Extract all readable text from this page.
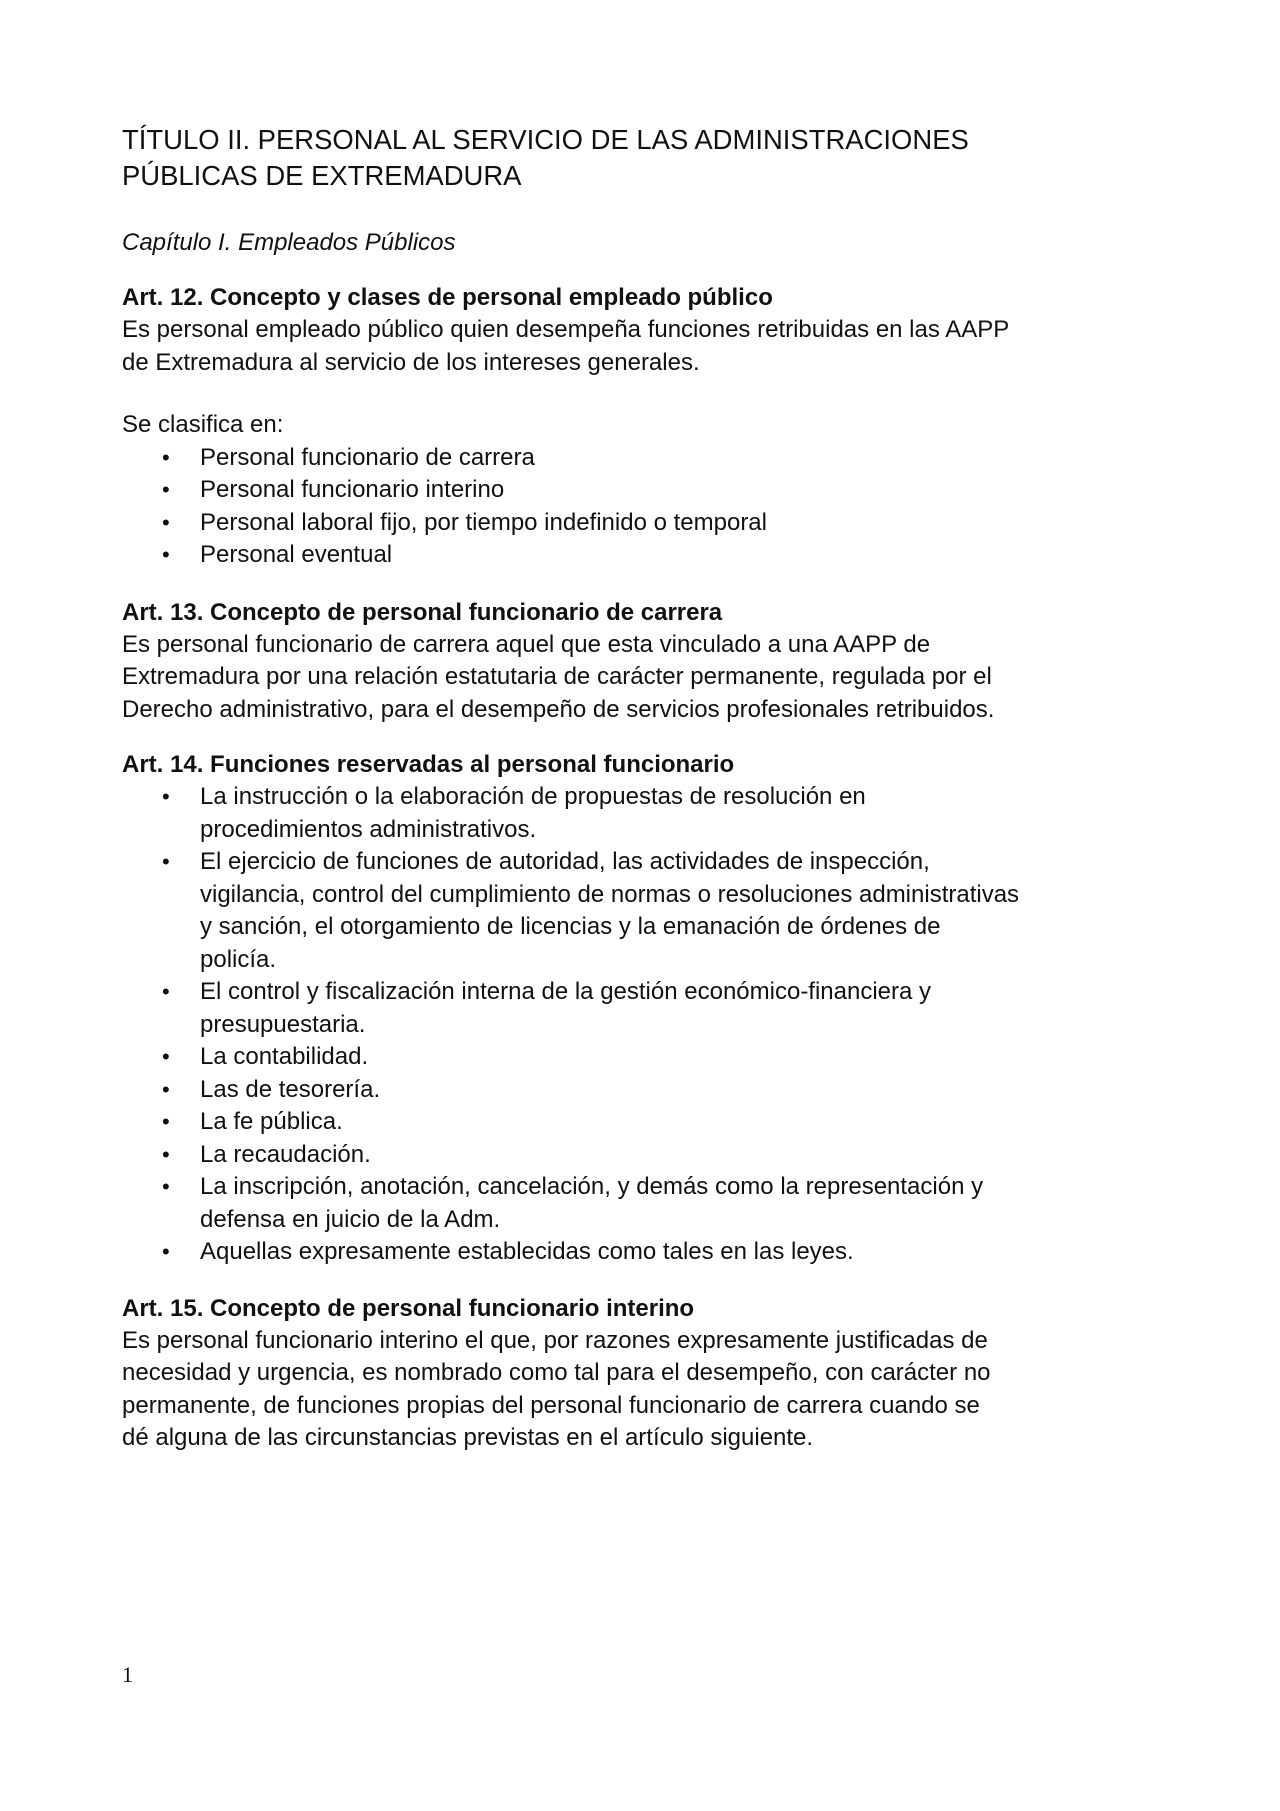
TÍTULO II. PERSONAL AL SERVICIO DE LAS ADMINISTRACIONES
PÚBLICAS DE EXTREMADURA

Capítulo I. Empleados Públicos

Art. 12. Concepto y clases de personal empleado público

Es personal empleado público quien desempeña funciones retribuidas en las AAPP
de Extremadura al servicio de los intereses generales.

Se clasifica en:

• Personal funcionario de carrera
• Personal funcionario interino
• Personal laboral fijo, por tiempo indefinido o temporal
• Personal eventual

Art. 13. Concepto de personal funcionario de carrera

Es personal funcionario de carrera aquel que esta vinculado a una AAPP de
Extremadura por una relación estatutaria de carácter permanente, regulada por el
Derecho administrativo, para el desempeño de servicios profesionales retribuidos.

Art. 14. Funciones reservadas al personal funcionario

• La instrucción o la elaboración de propuestas de resolución en
procedimientos administrativos.
• El ejercicio de funciones de autoridad, las actividades de inspección,
vigilancia, control del cumplimiento de normas o resoluciones administrativas
y sanción, el otorgamiento de licencias y la emanación de órdenes de
policía.
• El control y fiscalización interna de la gestión económico-financiera y
presupuestaria.
• La contabilidad.
• Las de tesorería.
• La fe pública.
• La recaudación.
• La inscripción, anotación, cancelación, y demás como la representación y
defensa en juicio de la Adm.
• Aquellas expresamente establecidas como tales en las leyes.

Art. 15. Concepto de personal funcionario interino

Es personal funcionario interino el que, por razones expresamente justificadas de
necesidad y urgencia, es nombrado como tal para el desempeño, con carácter no
permanente, de funciones propias del personal funcionario de carrera cuando se
dé alguna de las circunstancias previstas en el artículo siguiente.

1
